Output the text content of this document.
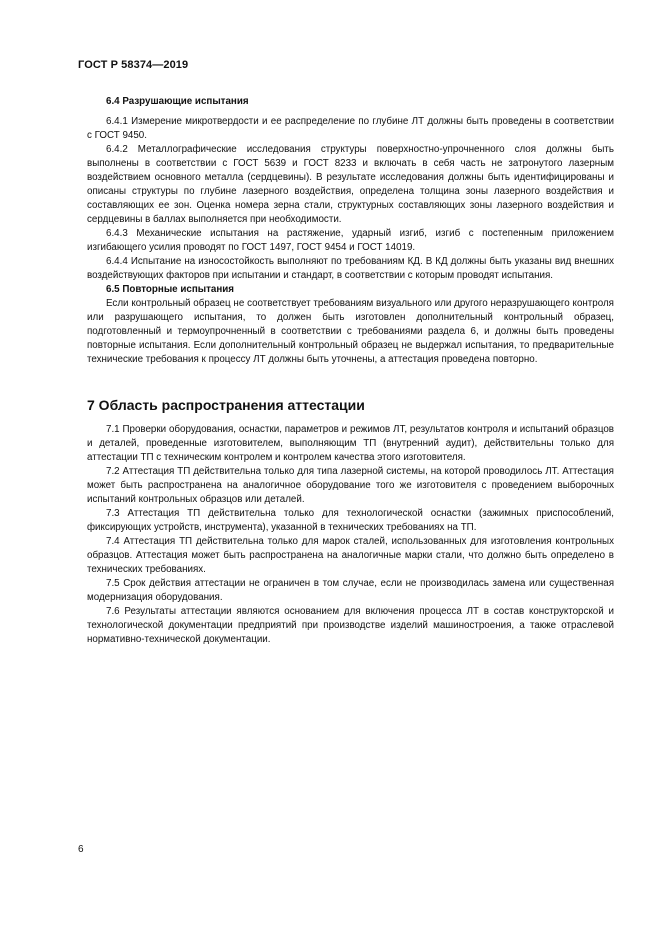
ГОСТ Р 58374—2019
6.4 Разрушающие испытания

6.4.1 Измерение микротвердости и ее распределение по глубине ЛТ должны быть проведены в соответствии с ГОСТ 9450.

6.4.2 Металлографические исследования структуры поверхностно-упрочненного слоя должны быть выполнены в соответствии с ГОСТ 5639 и ГОСТ 8233 и включать в себя часть не затронутого лазерным воздействием основного металла (сердцевины). В результате исследования должны быть идентифицированы и описаны структуры по глубине лазерного воздействия, определена толщина зоны лазерного воздействия и составляющих ее зон. Оценка номера зерна стали, структурных составляющих зоны лазерного воздействия и сердцевины в баллах выполняется при необходимости.

6.4.3 Механические испытания на растяжение, ударный изгиб, изгиб с постепенным приложением изгибающего усилия проводят по ГОСТ 1497, ГОСТ 9454 и ГОСТ 14019.

6.4.4 Испытание на износостойкость выполняют по требованиям КД. В КД должны быть указаны вид внешних воздействующих факторов при испытании и стандарт, в соответствии с которым проводят испытания.

6.5 Повторные испытания

Если контрольный образец не соответствует требованиям визуального или другого неразрушающего контроля или разрушающего испытания, то должен быть изготовлен дополнительный контрольный образец, подготовленный и термоупрочненный в соответствии с требованиями раздела 6, и должны быть проведены повторные испытания. Если дополнительный контрольный образец не выдержал испытания, то предварительные технические требования к процессу ЛТ должны быть уточнены, а аттестация проведена повторно.

7 Область распространения аттестации

7.1 Проверки оборудования, оснастки, параметров и режимов ЛТ, результатов контроля и испытаний образцов и деталей, проведенные изготовителем, выполняющим ТП (внутренний аудит), действительны только для аттестации ТП с техническим контролем и контролем качества этого изготовителя.

7.2 Аттестация ТП действительна только для типа лазерной системы, на которой проводилось ЛТ. Аттестация может быть распространена на аналогичное оборудование того же изготовителя с проведением выборочных испытаний контрольных образцов или деталей.

7.3 Аттестация ТП действительна только для технологической оснастки (зажимных приспособлений, фиксирующих устройств, инструмента), указанной в технических требованиях на ТП.

7.4 Аттестация ТП действительна только для марок сталей, использованных для изготовления контрольных образцов. Аттестация может быть распространена на аналогичные марки стали, что должно быть определено в технических требованиях.

7.5 Срок действия аттестации не ограничен в том случае, если не производилась замена или существенная модернизация оборудования.

7.6 Результаты аттестации являются основанием для включения процесса ЛТ в состав конструкторской и технологической документации предприятий при производстве изделий машиностроения, а также отраслевой нормативно-технической документации.

6
